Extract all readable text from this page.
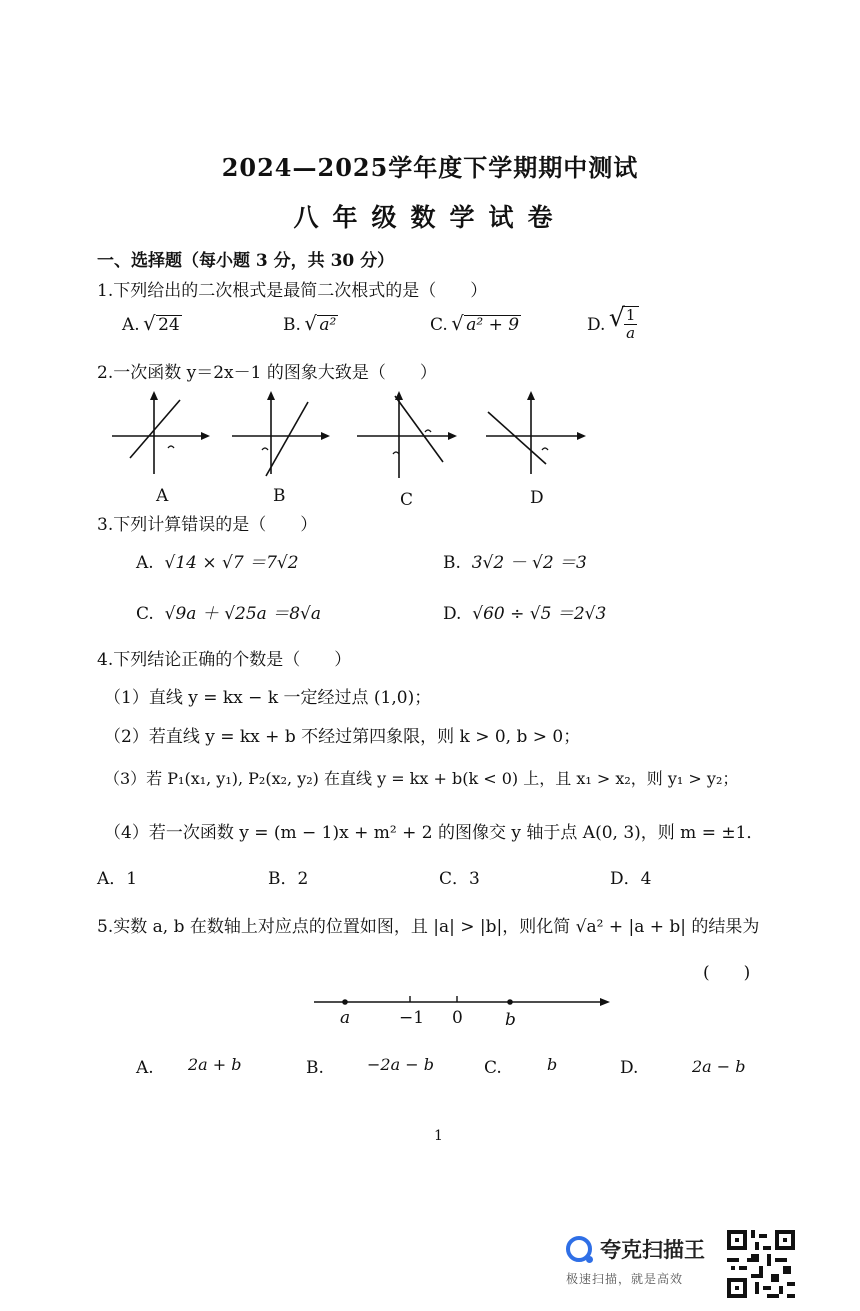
2024—2025学年度下学期期中测试
八年级数学试卷
一、选择题（每小题 3 分，共 30 分）
1.下列给出的二次根式是最简二次根式的是（　　）
A. √ 24	B. √ a²	C. √ a² + 9	D. √ $\frac{1}{a}$
2.一次函数 y＝2x－1 的图象大致是（　　）
A	B	C	D
3.下列计算错误的是（　　）
A. √14 × √7 ＝7√2	B. 3√2 － √2 ＝3
C. √9a ＋ √25a ＝8√a	D. √60 ÷ √5 ＝2√3
4.下列结论正确的个数是（　　）
（1）直线 y = kx − k 一定经过点 (1,0)；
（2）若直线 y = kx + b 不经过第四象限，则 k > 0, b > 0；
（3）若 P₁(x₁, y₁), P₂(x₂, y₂) 在直线 y = kx + b(k < 0) 上，且 x₁ > x₂，则 y₁ > y₂；
（4）若一次函数 y = (m − 1)x + m² + 2 的图像交 y 轴于点 A(0, 3)，则 m = ±1．
A．1	B．2	C．3	D．4
5.实数 a, b 在数轴上对应点的位置如图，且 |a| > |b|，则化简 √a² + |a + b| 的结果为
(　　)
a	−1 0 b
A. 2a + b	B.	−2a − b	C.	b	D.	2a − b
1
夸克扫描王
极速扫描，就是高效
